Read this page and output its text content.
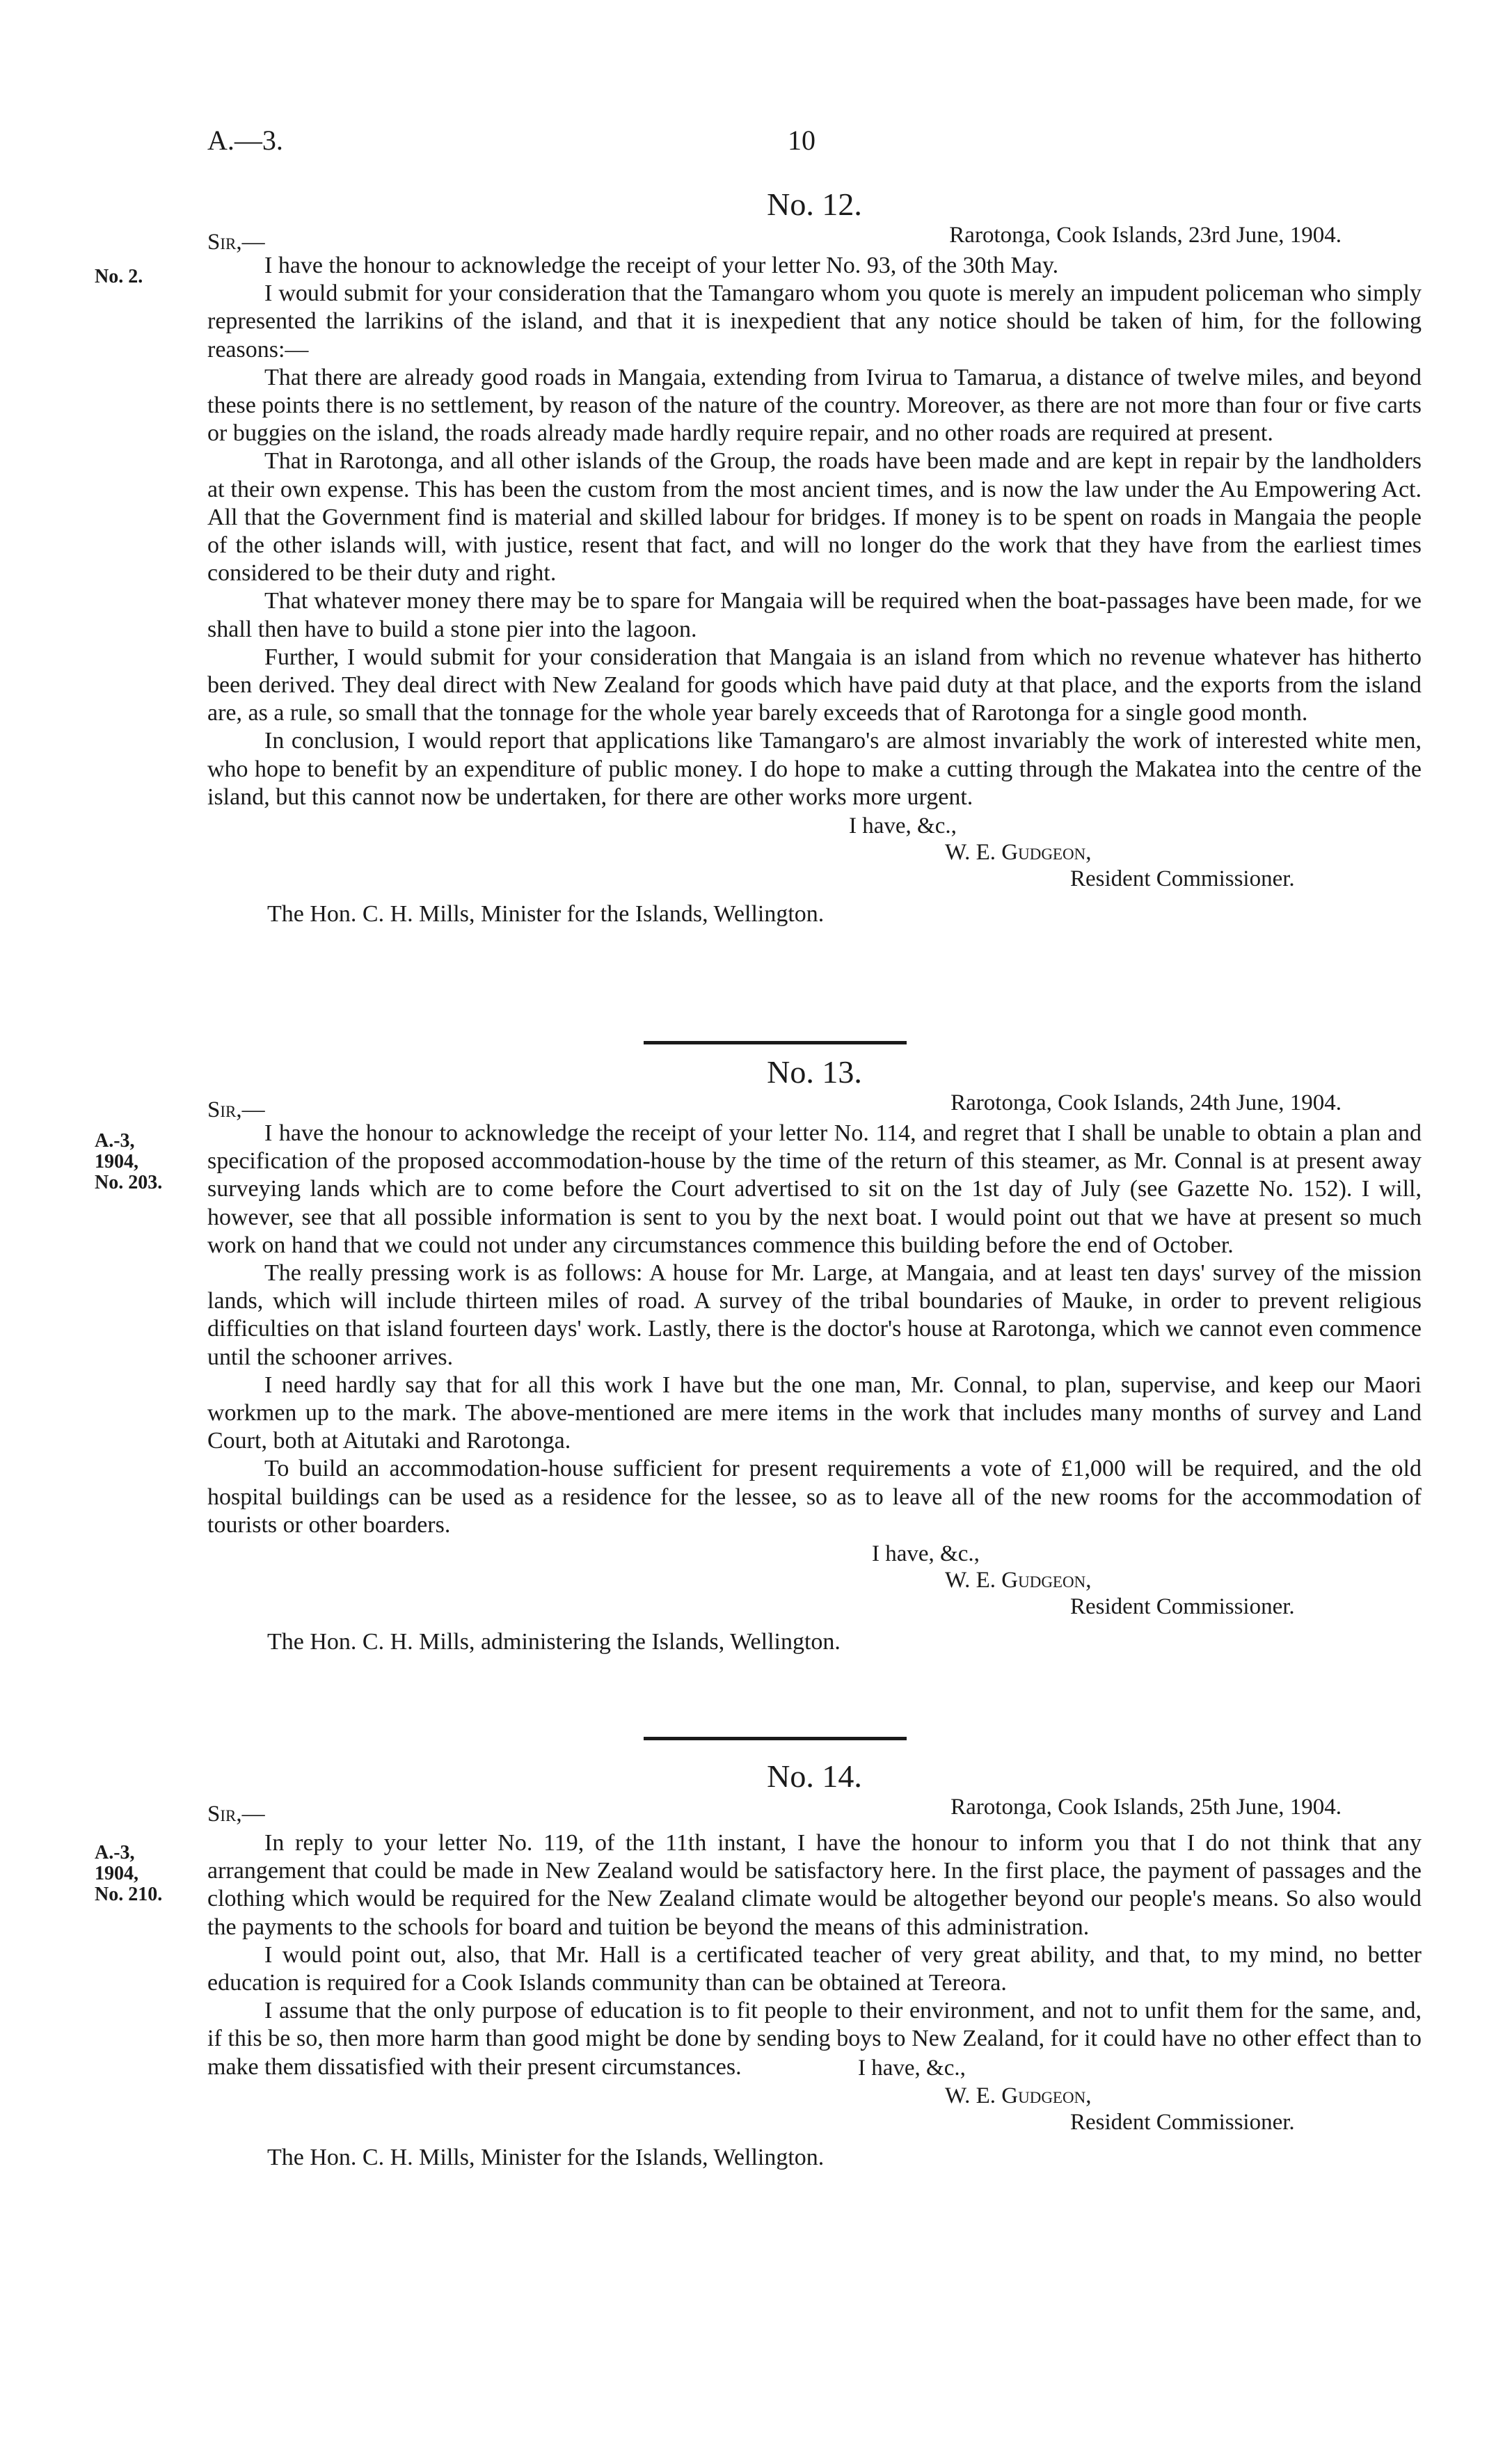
A.—3.	10
No. 2.
No. 12.
Sir,—	Rarotonga, Cook Islands, 23rd June, 1904.

I have the honour to acknowledge the receipt of your letter No. 93, of the 30th May.

I would submit for your consideration that the Tamangaro whom you quote is merely an impudent policeman who simply represented the larrikins of the island, and that it is inexpedient that any notice should be taken of him, for the following reasons:—

That there are already good roads in Mangaia, extending from Ivirua to Tamarua, a distance of twelve miles, and beyond these points there is no settlement, by reason of the nature of the country. Moreover, as there are not more than four or five carts or buggies on the island, the roads already made hardly require repair, and no other roads are required at present.

That in Rarotonga, and all other islands of the Group, the roads have been made and are kept in repair by the landholders at their own expense. This has been the custom from the most ancient times, and is now the law under the Au Empowering Act. All that the Government find is material and skilled labour for bridges. If money is to be spent on roads in Mangaia the people of the other islands will, with justice, resent that fact, and will no longer do the work that they have from the earliest times considered to be their duty and right.

That whatever money there may be to spare for Mangaia will be required when the boat-passages have been made, for we shall then have to build a stone pier into the lagoon.

Further, I would submit for your consideration that Mangaia is an island from which no revenue whatever has hitherto been derived. They deal direct with New Zealand for goods which have paid duty at that place, and the exports from the island are, as a rule, so small that the tonnage for the whole year barely exceeds that of Rarotonga for a single good month.

In conclusion, I would report that applications like Tamangaro's are almost invariably the work of interested white men, who hope to benefit by an expenditure of public money. I do hope to make a cutting through the Makatea into the centre of the island, but this cannot now be undertaken, for there are other works more urgent.

I have, &c.,
W. E. Gudgeon,
Resident Commissioner.
The Hon. C. H. Mills, Minister for the Islands, Wellington.
A.-3,
1904,
No. 203.
No. 13.
Sir,—	Rarotonga, Cook Islands, 24th June, 1904.

I have the honour to acknowledge the receipt of your letter No. 114, and regret that I shall be unable to obtain a plan and specification of the proposed accommodation-house by the time of the return of this steamer, as Mr. Connal is at present away surveying lands which are to come before the Court advertised to sit on the 1st day of July (see Gazette No. 152). I will, however, see that all possible information is sent to you by the next boat. I would point out that we have at present so much work on hand that we could not under any circumstances commence this building before the end of October.

The really pressing work is as follows: A house for Mr. Large, at Mangaia, and at least ten days' survey of the mission lands, which will include thirteen miles of road. A survey of the tribal boundaries of Mauke, in order to prevent religious difficulties on that island fourteen days' work. Lastly, there is the doctor's house at Rarotonga, which we cannot even commence until the schooner arrives.

I need hardly say that for all this work I have but the one man, Mr. Connal, to plan, supervise, and keep our Maori workmen up to the mark. The above-mentioned are mere items in the work that includes many months of survey and Land Court, both at Aitutaki and Rarotonga.

To build an accommodation-house sufficient for present requirements a vote of £1,000 will be required, and the old hospital buildings can be used as a residence for the lessee, so as to leave all of the new rooms for the accommodation of tourists or other boarders.

I have, &c.,
W. E. Gudgeon,
Resident Commissioner.
The Hon. C. H. Mills, administering the Islands, Wellington.
A.-3,
1904,
No. 210.
No. 14.
Sir,—	Rarotonga, Cook Islands, 25th June, 1904.

In reply to your letter No. 119, of the 11th instant, I have the honour to inform you that I do not think that any arrangement that could be made in New Zealand would be satisfactory here. In the first place, the payment of passages and the clothing which would be required for the New Zealand climate would be altogether beyond our people's means. So also would the payments to the schools for board and tuition be beyond the means of this administration.

I would point out, also, that Mr. Hall is a certificated teacher of very great ability, and that, to my mind, no better education is required for a Cook Islands community than can be obtained at Tereora.

I assume that the only purpose of education is to fit people to their environment, and not to unfit them for the same, and, if this be so, then more harm than good might be done by sending boys to New Zealand, for it could have no other effect than to make them dissatisfied with their present circumstances.	I have, &c.,
W. E. Gudgeon,
Resident Commissioner.
The Hon. C. H. Mills, Minister for the Islands, Wellington.
